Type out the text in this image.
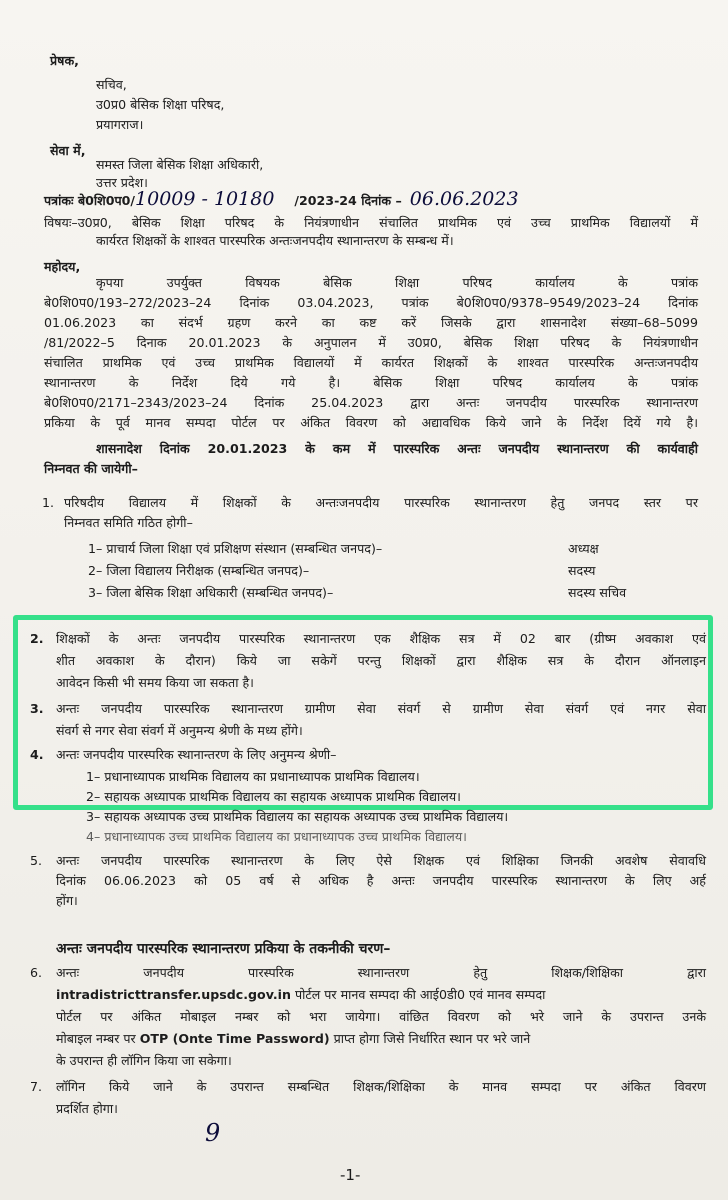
प्रेषक,
सचिव,
उ0प्र0 बेसिक शिक्षा परिषद,
प्रयागराज।
सेवा में,
समस्त जिला बेसिक शिक्षा अधिकारी,
उत्तर प्रदेश।
पत्रांकः बे0शि0प0/10009 - 10180 /2023-24 दिनांक – 06.06.2023
विषयः–उ0प्र0, बेसिक शिक्षा परिषद के नियंत्रणाधीन संचालित प्राथमिक एवं उच्च प्राथमिक विद्यालयों में
कार्यरत शिक्षकों के शाश्वत पारस्परिक अन्तःजनपदीय स्थानान्तरण के सम्बन्ध में।
महोदय,
कृपया उपर्युक्त विषयक बेसिक शिक्षा परिषद कार्यालय के पत्रांक
बे0शि0प0/193–272/2023–24 दिनांक 03.04.2023, पत्रांक बे0शि0प0/9378–9549/2023–24 दिनांक
01.06.2023 का संदर्भ ग्रहण करने का कष्ट करें जिसके द्वारा शासनादेश संख्या–68–5099
/81/2022–5 दिनाक 20.01.2023 के अनुपालन में उ0प्र0, बेसिक शिक्षा परिषद के नियंत्रणाधीन
संचालित प्राथमिक एवं उच्च प्राथमिक विद्यालयों में कार्यरत शिक्षकों के शाश्वत पारस्परिक अन्तःजनपदीय
स्थानान्तरण के निर्देश दिये गये है। बेसिक शिक्षा परिषद कार्यालय के पत्रांक
बे0शि0प0/2171–2343/2023–24 दिनांक 25.04.2023 द्वारा अन्तः जनपदीय पारस्परिक स्थानान्तरण
प्रकिया के पूर्व मानव सम्पदा पोर्टल पर अंकित विवरण को अद्यावधिक किये जाने के निर्देश दियें गये है।
शासनादेश दिनांक 20.01.2023 के कम में पारस्परिक अन्तः जनपदीय स्थानान्तरण की कार्यवाही
निम्नवत की जायेगी–
1. परिषदीय विद्यालय में शिक्षकों के अन्तःजनपदीय पारस्परिक स्थानान्तरण हेतु जनपद स्तर पर
निम्नवत समिति गठित होगी–
1– प्राचार्य जिला शिक्षा एवं प्रशिक्षण संस्थान (सम्बन्धित जनपद)–	अध्यक्ष
2– जिला विद्यालय निरीक्षक (सम्बन्धित जनपद)–	सदस्य
3– जिला बेसिक शिक्षा अधिकारी (सम्बन्धित जनपद)–	सदस्य सचिव
2. शिक्षकों के अन्तः जनपदीय पारस्परिक स्थानान्तरण एक शैक्षिक सत्र में 02 बार (ग्रीष्म अवकाश एवं
शीत अवकाश के दौरान) किये जा सकेगें परन्तु शिक्षकों द्वारा शैक्षिक सत्र के दौरान ऑनलाइन
आवेदन किसी भी समय किया जा सकता है।
3. अन्तः जनपदीय पारस्परिक स्थानान्तरण ग्रामीण सेवा संवर्ग से ग्रामीण सेवा संवर्ग एवं नगर सेवा
संवर्ग से नगर सेवा संवर्ग में अनुमन्य श्रेणी के मध्य होंगे।
4. अन्तः जनपदीय पारस्परिक स्थानान्तरण के लिए अनुमन्य श्रेणी–
1– प्रधानाध्यापक प्राथमिक विद्यालय का प्रधानाध्यापक प्राथमिक विद्यालय।
2– सहायक अध्यापक प्राथमिक विद्यालय का सहायक अध्यापक प्राथमिक विद्यालय।
3– सहायक अध्यापक उच्च प्राथमिक विद्यालय का सहायक अध्यापक उच्च प्राथमिक विद्यालय।
4– प्रधानाध्यापक उच्च प्राथमिक विद्यालय का प्रधानाध्यापक उच्च प्राथमिक विद्यालय।
5.	अन्तः जनपदीय पारस्परिक स्थानान्तरण के लिए ऐसे शिक्षक एवं शिक्षिका जिनकी अवशेष सेवावधि
दिनांक 06.06.2023 को 05 वर्ष से अधिक है अन्तः जनपदीय पारस्परिक स्थानान्तरण के लिए अर्ह
होंग।
अन्तः जनपदीय पारस्परिक स्थानान्तरण प्रकिया के तकनीकी चरण–
6.	अन्तः जनपदीय पारस्परिक स्थानान्तरण हेतु शिक्षक/शिक्षिका द्वारा
intradistricttransfer.upsdc.gov.in पोर्टल पर मानव सम्पदा की आई0डी0 एवं मानव सम्पदा
पोर्टल पर अंकित मोबाइल नम्बर को भरा जायेगा। वांछित विवरण को भरे जाने के उपरान्त उनके
मोबाइल नम्बर पर OTP (Onte Time Password) प्राप्त होगा जिसे निर्धारित स्थान पर भरे जाने
के उपरान्त ही लॉगिन किया जा सकेगा।
7.	लॉगिन किये जाने के उपरान्त सम्बन्धित शिक्षक/शिक्षिका के मानव सम्पदा पर अंकित विवरण
प्रदर्शित होगा।
9
-1-
